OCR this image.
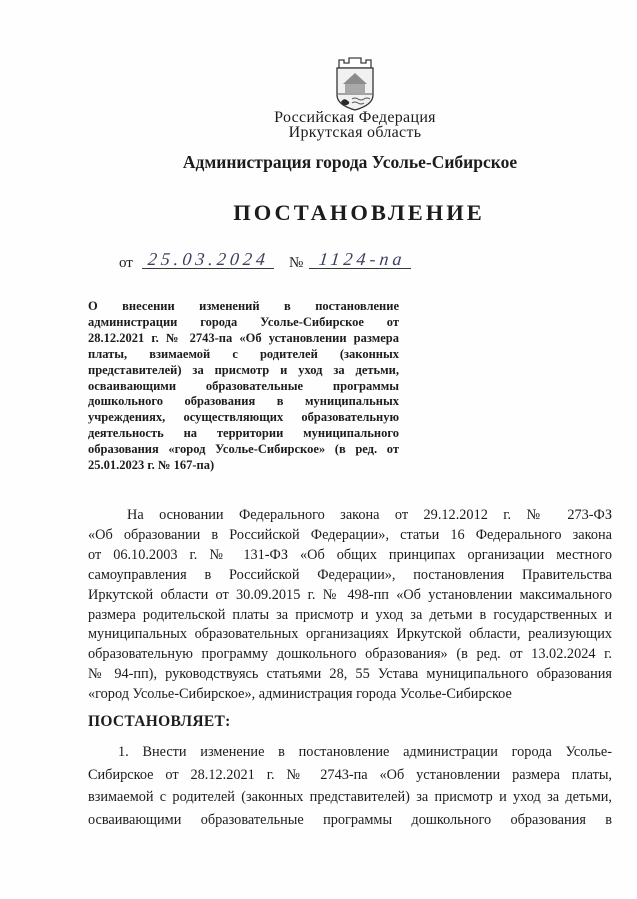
Российская Федерация
Иркутская область
Администрация города Усолье-Сибирское
ПОСТАНОВЛЕНИЕ
от 25.03.2024 № 1124-па
О внесении изменений в постановление
администрации города Усолье-Сибирское от
28.12.2021 г. № 2743-па «Об установлении размера
платы, взимаемой с родителей (законных
представителей) за присмотр и уход за детьми,
осваивающими образовательные программы
дошкольного образования в муниципальных
учреждениях, осуществляющих образовательную
деятельность на территории муниципального
образования «город Усолье-Сибирское» (в ред. от
25.01.2023 г. № 167-па)
На основании Федерального закона от 29.12.2012 г. № 273-ФЗ
«Об образовании в Российской Федерации», статьи 16 Федерального закона
от 06.10.2003 г. № 131-ФЗ «Об общих принципах организации местного
самоуправления в Российской Федерации», постановления Правительства
Иркутской области от 30.09.2015 г. № 498-пп «Об установлении максимального
размера родительской платы за присмотр и уход за детьми в государственных и
муниципальных образовательных организациях Иркутской области, реализующих
образовательную программу дошкольного образования» (в ред. от 13.02.2024 г.
№ 94-пп), руководствуясь статьями 28, 55 Устава муниципального образования
«город Усолье-Сибирское», администрация города Усолье-Сибирское
ПОСТАНОВЛЯЕТ:
1. Внести изменение в постановление администрации города Усолье-
Сибирское от 28.12.2021 г. № 2743-па «Об установлении размера платы,
взимаемой с родителей (законных представителей) за присмотр и уход за детьми,
осваивающими образовательные программы дошкольного образования в
